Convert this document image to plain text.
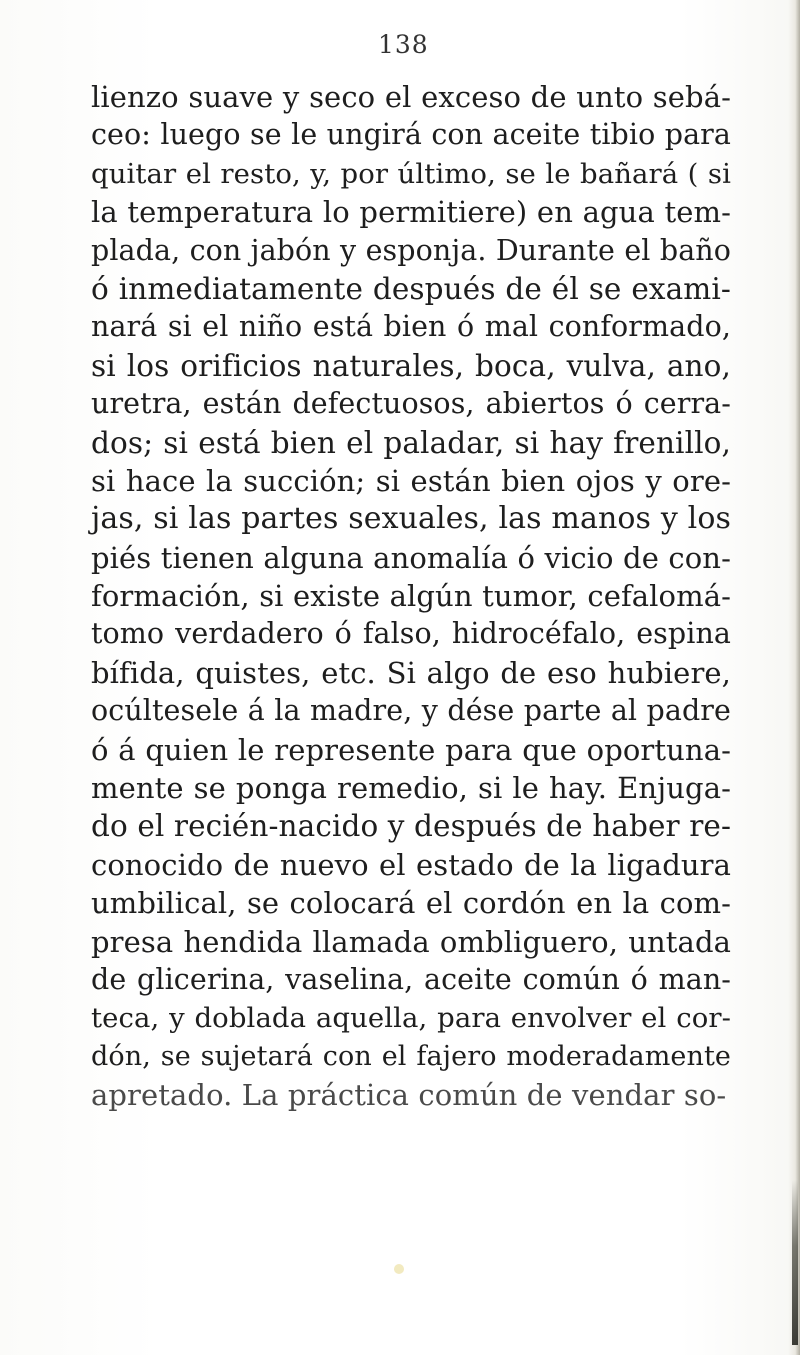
138
lienzo suave y seco el exceso de unto sebá-
ceo: luego se le ungirá con aceite tibio para
quitar el resto, y, por último, se le bañará ( si
la temperatura lo permitiere) en agua tem-
plada, con jabón y esponja. Durante el baño
ó inmediatamente después de él se exami-
nará si el niño está bien ó mal conformado,
si los orificios naturales, boca, vulva, ano,
uretra, están defectuosos, abiertos ó cerra-
dos; si está bien el paladar, si hay frenillo,
si hace la succión; si están bien ojos y ore-
jas, si las partes sexuales, las manos y los
piés tienen alguna anomalía ó vicio de con-
formación, si existe algún tumor, cefalomá-
tomo verdadero ó falso, hidrocéfalo, espina
bífida, quistes, etc. Si algo de eso hubiere,
ocúltesele á la madre, y dése parte al padre
ó á quien le represente para que oportuna-
mente se ponga remedio, si le hay. Enjuga-
do el recién-nacido y después de haber re-
conocido de nuevo el estado de la ligadura
umbilical, se colocará el cordón en la com-
presa hendida llamada ombliguero, untada
de glicerina, vaselina, aceite común ó man-
teca, y doblada aquella, para envolver el cor-
dón, se sujetará con el fajero moderadamente
apretado. La práctica común de vendar so-
